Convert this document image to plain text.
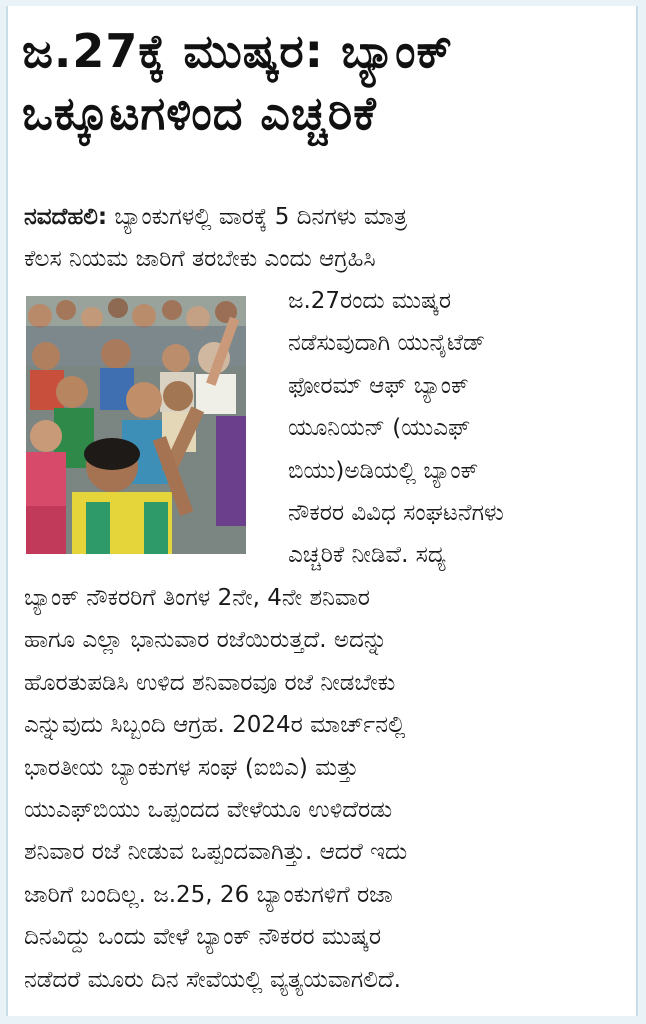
ಜ.27ಕ್ಕೆ ಮುಷ್ಕರ: ಬ್ಯಾಂಕ್
ಒಕ್ಕೂಟಗಳಿಂದ ಎಚ್ಚರಿಕೆ
ನವದೆಹಲಿ: ಬ್ಯಾಂಕುಗಳಲ್ಲಿ ವಾರಕ್ಕೆ 5 ದಿನಗಳು ಮಾತ್ರ
ಕೆಲಸ ನಿಯಮ ಜಾರಿಗೆ ತರಬೇಕು ಎಂದು ಆಗ್ರಹಿಸಿ
ಜ.27ರಂದು ಮುಷ್ಕರ
ನಡೆಸುವುದಾಗಿ ಯುನೈಟೆಡ್
ಫೋರಮ್ ಆಫ್ ಬ್ಯಾಂಕ್
ಯೂನಿಯನ್ (ಯುಎಫ್
ಬಿಯು)ಅಡಿಯಲ್ಲಿ ಬ್ಯಾಂಕ್
ನೌಕರರ ವಿವಿಧ ಸಂಘಟನೆಗಳು
ಎಚ್ಚರಿಕೆ ನೀಡಿವೆ. ಸದ್ಯ
ಬ್ಯಾಂಕ್ ನೌಕರರಿಗೆ ತಿಂಗಳ 2ನೇ, 4ನೇ ಶನಿವಾರ
ಹಾಗೂ ಎಲ್ಲಾ ಭಾನುವಾರ ರಜೆಯಿರುತ್ತದೆ. ಅದನ್ನು
ಹೊರತುಪಡಿಸಿ ಉಳಿದ ಶನಿವಾರವೂ ರಜೆ ನೀಡಬೇಕು
ಎನ್ನುವುದು ಸಿಬ್ಬಂದಿ ಆಗ್ರಹ. 2024ರ ಮಾರ್ಚ್‌ನಲ್ಲಿ
ಭಾರತೀಯ ಬ್ಯಾಂಕುಗಳ ಸಂಘ (ಐಬಿಎ) ಮತ್ತು
ಯುಎಫ್‌ಬಿಯು ಒಪ್ಪಂದದ ವೇಳೆಯೂ ಉಳಿದೆರಡು
ಶನಿವಾರ ರಜೆ ನೀಡುವ ಒಪ್ಪಂದವಾಗಿತ್ತು. ಆದರೆ ಇದು
ಜಾರಿಗೆ ಬಂದಿಲ್ಲ. ಜ.25, 26 ಬ್ಯಾಂಕುಗಳಿಗೆ ರಜಾ
ದಿನವಿದ್ದು ಒಂದು ವೇಳೆ ಬ್ಯಾಂಕ್ ನೌಕರರ ಮುಷ್ಕರ
ನಡೆದರೆ ಮೂರು ದಿನ ಸೇವೆಯಲ್ಲಿ ವ್ಯತ್ಯಯವಾಗಲಿದೆ.
